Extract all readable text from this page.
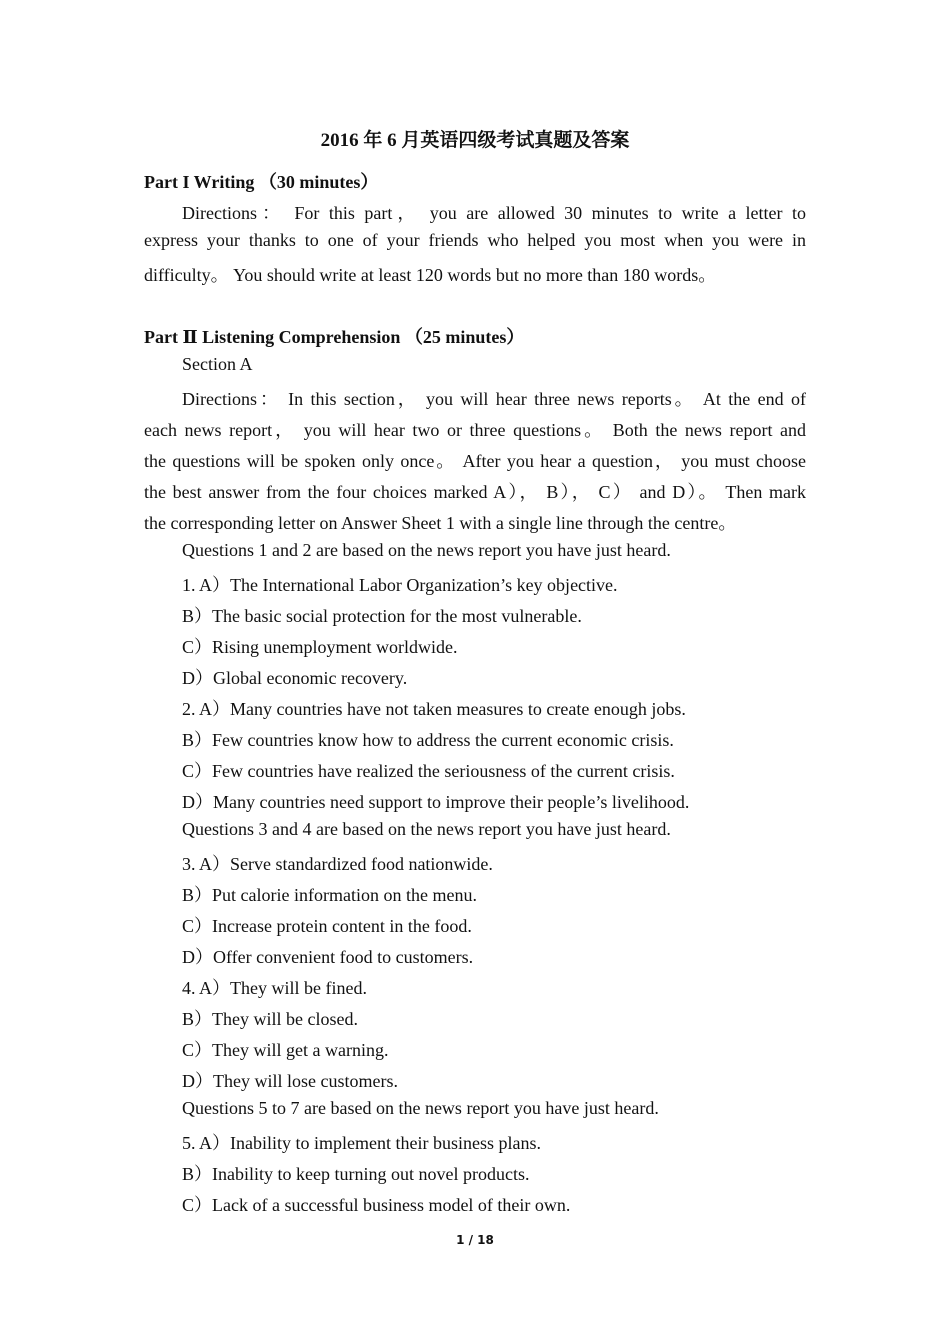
2016 年 6 月英语四级考试真题及答案
Part I Writing （30 minutes）
Directions： For this part， you are allowed 30 minutes to write a letter to
express your thanks to one of your friends who helped you most when you were in
difficulty。 You should write at least 120 words but no more than 180 words。
Part Ⅱ Listening Comprehension （25 minutes）
Section A
Directions： In this section， you will hear three news reports。 At the end of
each news report， you will hear two or three questions。 Both the news report and
the questions will be spoken only once。 After you hear a question， you must choose
the best answer from the four choices marked A）， B）， C） and D）。 Then mark
the corresponding letter on Answer Sheet 1 with a single line through the centre。
Questions 1 and 2 are based on the news report you have just heard.
1. A）The International Labor Organization’s key objective.
B）The basic social protection for the most vulnerable.
C）Rising unemployment worldwide.
D）Global economic recovery.
2. A）Many countries have not taken measures to create enough jobs.
B）Few countries know how to address the current economic crisis.
C）Few countries have realized the seriousness of the current crisis.
D）Many countries need support to improve their people’s livelihood.
Questions 3 and 4 are based on the news report you have just heard.
3. A）Serve standardized food nationwide.
B）Put calorie information on the menu.
C）Increase protein content in the food.
D）Offer convenient food to customers.
4. A）They will be fined.
B）They will be closed.
C）They will get a warning.
D）They will lose customers.
Questions 5 to 7 are based on the news report you have just heard.
5. A）Inability to implement their business plans.
B）Inability to keep turning out novel products.
C）Lack of a successful business model of their own.
1 / 18
